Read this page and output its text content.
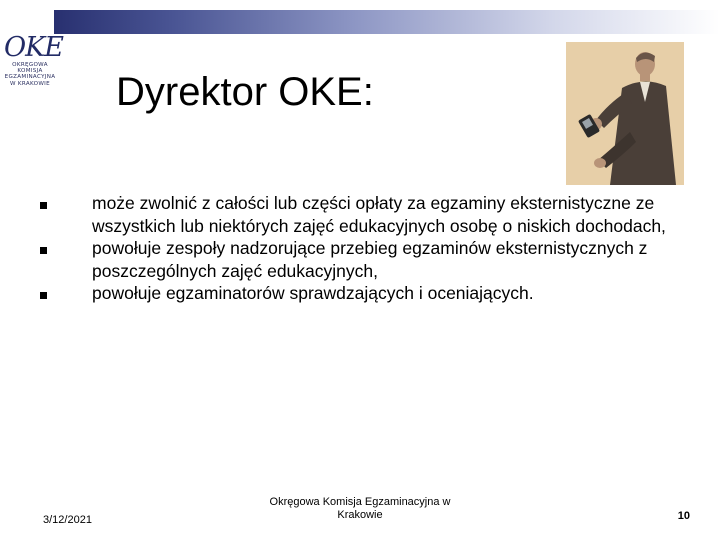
OKE
OKRĘGOWA
KOMISJA
EGZAMINACYJNA
W KRAKOWIE Dyrektor OKE:
może zwolnić z całości lub części opłaty za egzaminy eksternistyczne ze wszystkich lub niektórych zajęć edukacyjnych osobę o niskich dochodach,
powołuje zespoły nadzorujące przebieg egzaminów eksternistycznych z poszczególnych zajęć edukacyjnych,
powołuje egzaminatorów sprawdzających i oceniających.
3/12/2021
Okręgowa Komisja Egzaminacyjna w
Krakowie	10
